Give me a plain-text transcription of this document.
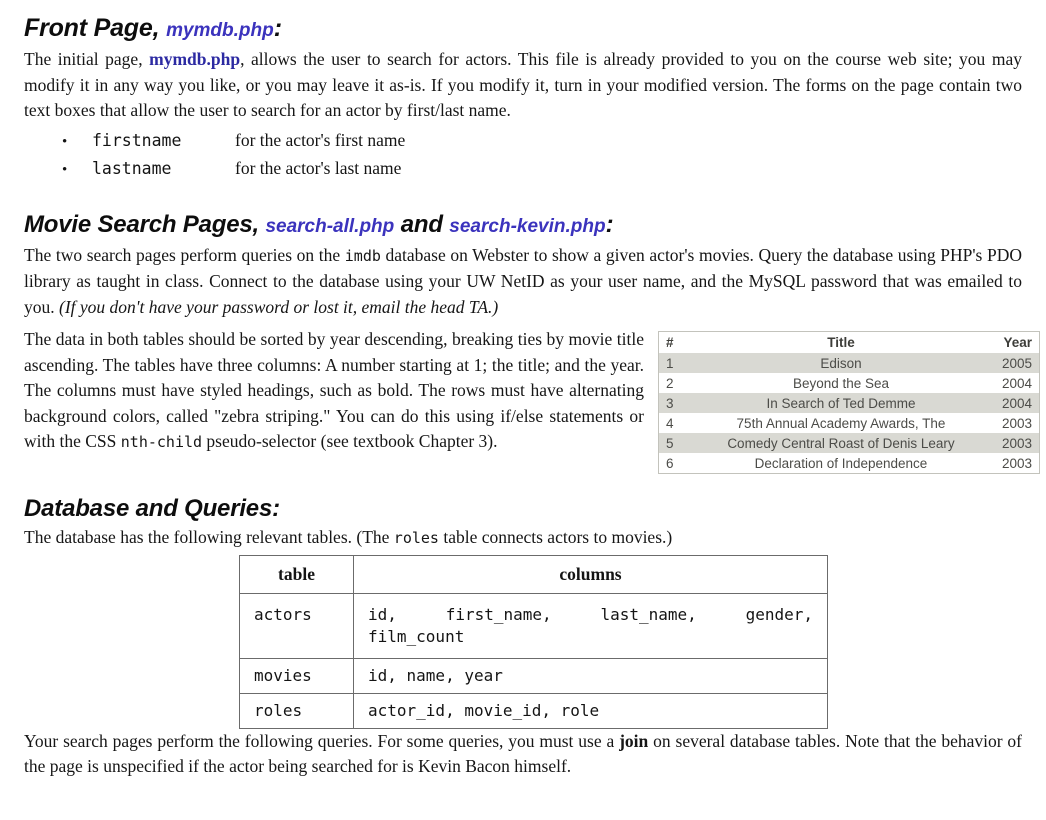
Front Page, mymdb.php:

The initial page, mymdb.php, allows the user to search for actors. This file is already provided to you on the course web site; you may modify it in any way you like, or you may leave it as-is. If you modify it, turn in your modified version. The forms on the page contain two text boxes that allow the user to search for an actor by first/last name.

•	firstname	for the actor's first name
•	lastname	for the actor's last name
Movie Search Pages, search-all.php and search-kevin.php:

The two search pages perform queries on the imdb database on Webster to show a given actor's movies. Query the database using PHP's PDO library as taught in class. Connect to the database using your UW NetID as your user name, and the MySQL password that was emailed to you. (If you don't have your password or lost it, email the head TA.)

#	Title	Year
1	Edison	2005
2	Beyond the Sea	2004
3	In Search of Ted Demme	2004
4	75th Annual Academy Awards, The	2003
5	Comedy Central Roast of Denis Leary	2003
6	Declaration of Independence	2003

The data in both tables should be sorted by year descending, breaking ties by movie title ascending. The tables have three columns: A number starting at 1; the title; and the year. The columns must have styled headings, such as bold. The rows must have alternating background colors, called "zebra striping." You can do this using if/else statements or with the CSS nth-child pseudo-selector (see textbook Chapter 3).

Database and Queries:

The database has the following relevant tables. (The roles table connects actors to movies.)

table	columns
actors	id, first_name, last_name, gender,
film_count

movies	id, name, year
roles	actor_id, movie_id, role

Your search pages perform the following queries. For some queries, you must use a join on several database tables. Note that the behavior of the page is unspecified if the actor being searched for is Kevin Bacon himself.
